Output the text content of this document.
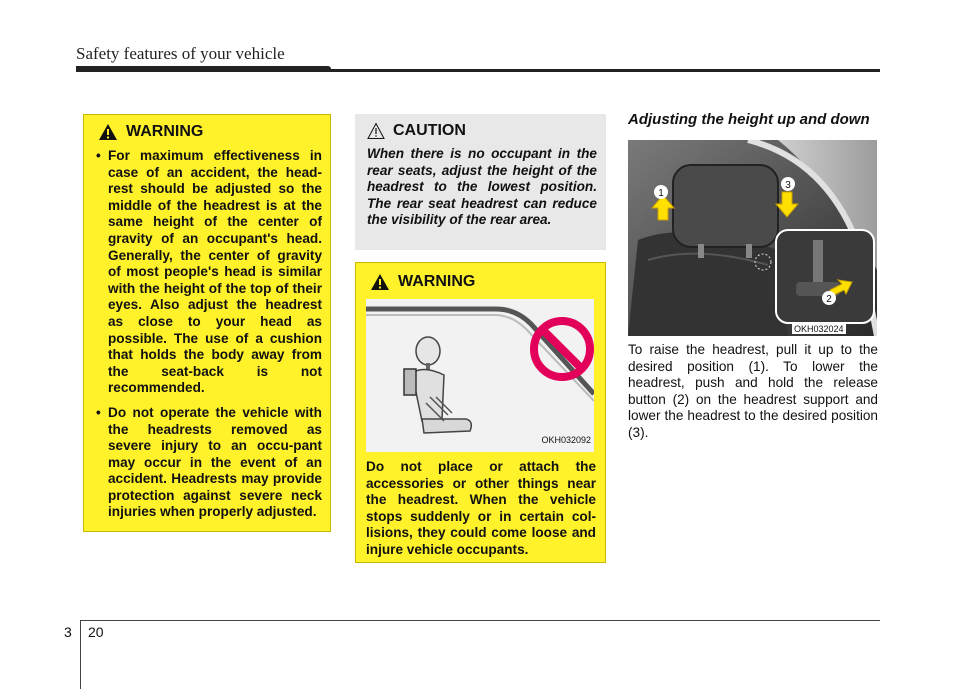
Safety features of your vehicle
WARNING
• For maximum effectiveness in case of an accident, the head-rest should be adjusted so the middle of the headrest is at the same height of the center of gravity of an occupant's head. Generally, the center of gravity of most people's head is similar with the height of the top of their eyes. Also adjust the headrest as close to your head as possible. The use of a cushion that holds the body away from the seat-back is not recommended.
• Do not operate the vehicle with the headrests removed as severe injury to an occu-pant may occur in the event of an accident. Headrests may provide protection against severe neck injuries when properly adjusted.
CAUTION

When there is no occupant in the rear seats, adjust the height of the headrest to the lowest position. The rear seat headrest can reduce the visibility of the rear area.

WARNING
OKH032092

Do not place or attach the accessories or other things near the headrest. When the vehicle stops suddenly or in certain col-lisions, they could come loose and injure vehicle occupants.

Adjusting the height up and down
1
3
2
OKH032024

To raise the headrest, pull it up to the desired position (1). To lower the headrest, push and hold the release button (2) on the headrest support and lower the headrest to the desired position (3).

3 20
